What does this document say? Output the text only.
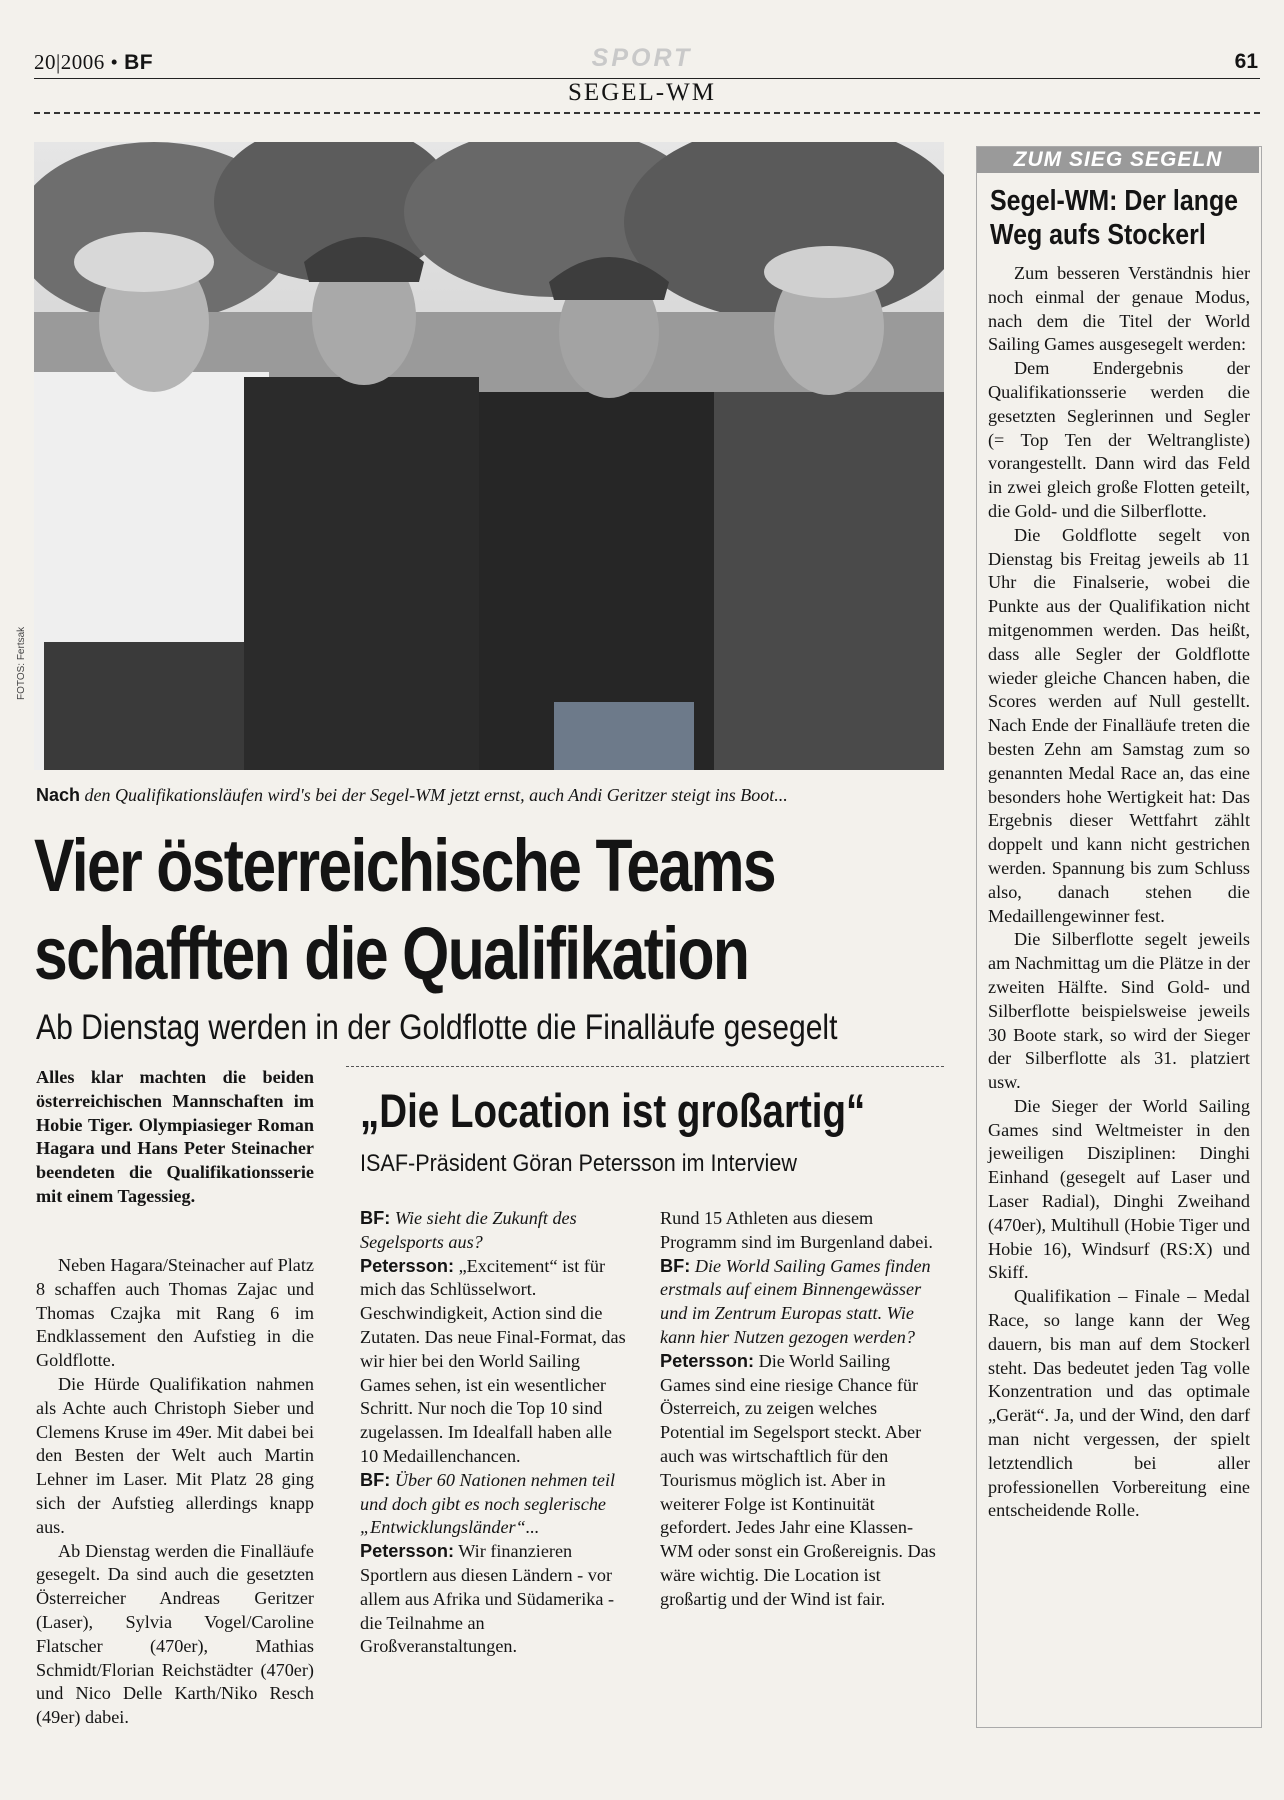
20|2006 • BF	SPORT	61
SEGEL-WM
FOTOS: Fertsak
Nach den Qualifikationsläufen wird's bei der Segel-WM jetzt ernst, auch Andi Geritzer steigt ins Boot...
Vier österreichische Teams
schafften die Qualifikation
Ab Dienstag werden in der Goldflotte die Finalläufe gesegelt
Alles klar machten die beiden österreichischen Mannschaften im Hobie Tiger. Olympiasieger Roman Hagara und Hans Peter Steinacher beendeten die Qualifikationsserie mit einem Tagessieg.

Neben Hagara/Steinacher auf Platz 8 schaffen auch Thomas Zajac und Thomas Czajka mit Rang 6 im Endklassement den Aufstieg in die Goldflotte.

Die Hürde Qualifikation nahmen als Achte auch Christoph Sieber und Clemens Kruse im 49er. Mit dabei bei den Besten der Welt auch Martin Lehner im Laser. Mit Platz 28 ging sich der Aufstieg allerdings knapp aus.

Ab Dienstag werden die Finalläufe gesegelt. Da sind auch die gesetzten Österreicher Andreas Geritzer (Laser), Sylvia Vogel/Caroline Flatscher (470er), Mathias Schmidt/Florian Reichstädter (470er) und Nico Delle Karth/Niko Resch (49er) dabei.

„Die Location ist großartig“
ISAF-Präsident Göran Petersson im Interview

BF: Wie sieht die Zukunft des Segelsports aus?

Petersson: „Excitement“ ist für mich das Schlüsselwort. Geschwindigkeit, Action sind die Zutaten. Das neue Final-Format, das wir hier bei den World Sailing Games sehen, ist ein wesentlicher Schritt. Nur noch die Top 10 sind zugelassen. Im Idealfall haben alle 10 Medaillenchancen.

BF: Über 60 Nationen nehmen teil und doch gibt es noch seglerische „Entwicklungsländer“...

Petersson: Wir finanzieren Sportlern aus diesen Ländern - vor allem aus Afrika und Südamerika - die Teilnahme an Großveranstaltungen.

Rund 15 Athleten aus diesem Programm sind im Burgenland dabei.

BF: Die World Sailing Games finden erstmals auf einem Binnengewässer und im Zentrum Europas statt. Wie kann hier Nutzen gezogen werden?

Petersson: Die World Sailing Games sind eine riesige Chance für Österreich, zu zeigen welches Potential im Segelsport steckt. Aber auch was wirtschaftlich für den Tourismus möglich ist. Aber in weiterer Folge ist Kontinuität gefordert. Jedes Jahr eine Klassen-WM oder sonst ein Großereignis. Das wäre wichtig. Die Location ist großartig und der Wind ist fair.

ZUM SIEG SEGELN
Segel-WM: Der lange Weg aufs Stockerl

Zum besseren Verständnis hier noch einmal der genaue Modus, nach dem die Titel der World Sailing Games ausgesegelt werden:

Dem Endergebnis der Qualifikationsserie werden die gesetzten Seglerinnen und Segler (= Top Ten der Weltrangliste) vorangestellt. Dann wird das Feld in zwei gleich große Flotten geteilt, die Gold- und die Silberflotte.

Die Goldflotte segelt von Dienstag bis Freitag jeweils ab 11 Uhr die Finalserie, wobei die Punkte aus der Qualifikation nicht mitgenommen werden. Das heißt, dass alle Segler der Goldflotte wieder gleiche Chancen haben, die Scores werden auf Null gestellt. Nach Ende der Finalläufe treten die besten Zehn am Samstag zum so genannten Medal Race an, das eine besonders hohe Wertigkeit hat: Das Ergebnis dieser Wettfahrt zählt doppelt und kann nicht gestrichen werden. Spannung bis zum Schluss also, danach stehen die Medaillengewinner fest.

Die Silberflotte segelt jeweils am Nachmittag um die Plätze in der zweiten Hälfte. Sind Gold- und Silberflotte beispielsweise jeweils 30 Boote stark, so wird der Sieger der Silberflotte als 31. platziert usw.

Die Sieger der World Sailing Games sind Weltmeister in den jeweiligen Disziplinen: Dinghi Einhand (gesegelt auf Laser und Laser Radial), Dinghi Zweihand (470er), Multihull (Hobie Tiger und Hobie 16), Windsurf (RS:X) und Skiff.

Qualifikation – Finale – Medal Race, so lange kann der Weg dauern, bis man auf dem Stockerl steht. Das bedeutet jeden Tag volle Konzentration und das optimale „Gerät“. Ja, und der Wind, den darf man nicht vergessen, der spielt letztendlich bei aller professionellen Vorbereitung eine entscheidende Rolle.
